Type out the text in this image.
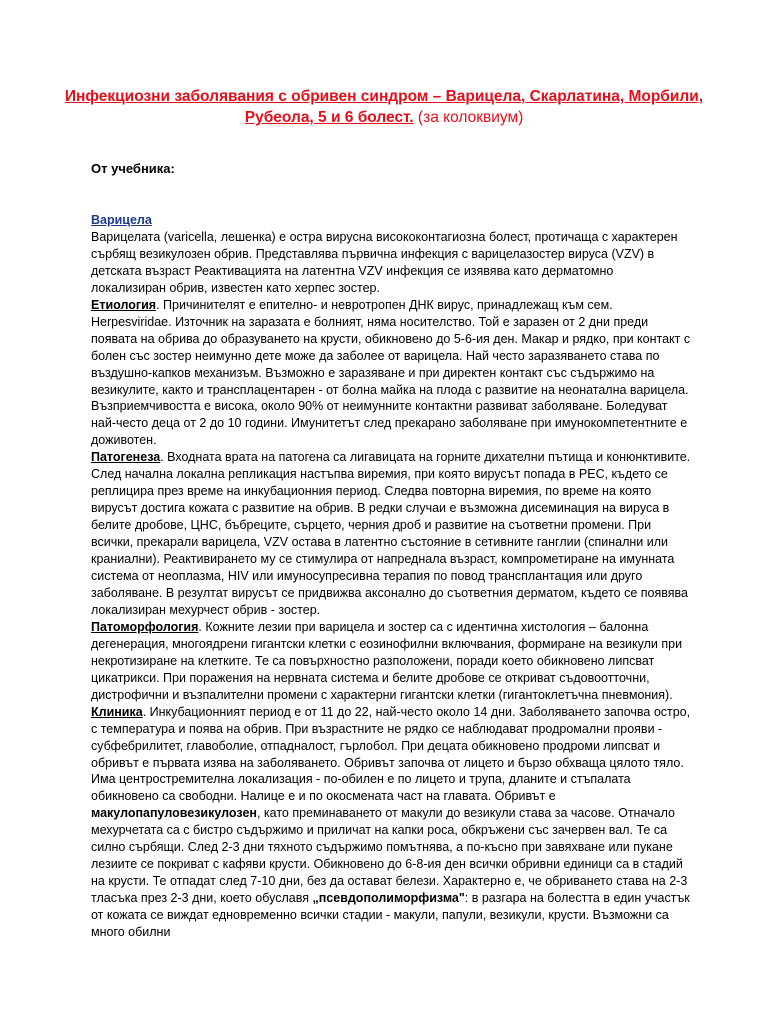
Инфекциозни заболявания с обривен синдром – Варицела, Скарлатина, Морбили, Рубеола, 5 и 6 болест. (за колоквиум)
От учебника:

Варицела

Варицелата (varicella, лешенка) е остра вирусна висококонтагиозна болест, протичаща с характерен сърбящ везикулозен обрив. Представлява първична инфекция с варицелазостер вируса (VZV) в детската възраст Реактивацията на латентна VZV инфекция се изявява като дерматомно локализиран обрив, известен като херпес зостер.

Етиология. Причинителят е епително- и невротропен ДНК вирус, принадлежащ към сем. Herpesviridae. Източник на заразата е болният, няма носителство. Той е заразен от 2 дни преди появата на обрива до образуването на крусти, обикновено до 5-6-ия ден. Макар и рядко, при контакт с болен със зостер неимунно дете може да заболее от варицела. Най често заразяването става по въздушно-капков механизъм. Възможно е заразяване и при директен контакт със съдържимо на везикулите, както и трансплацентарен - от болна майка на плода с развитие на неонатална варицела. Възприемчивостта е висока, около 90% от неимунните контактни развиват заболяване. Боледуват най-често деца от 2 до 10 години. Имунитетът след прекарано заболяване при имунокомпетентните е доживотен.

Патогенеза. Входната врата на патогена са лигавицата на горните дихателни пътища и конюнктивите. След начална локална репликация настъпва виремия, при която вирусът попада в РЕС, където се реплицира през време на инкубационния период. Следва повторна виремия, по време на която вирусът достига кожата с развитие на обрив. В редки случаи е възможна дисеминация на вируса в белите дробове, ЦНС, бъбреците, сърцето, черния дроб и развитие на съответни промени. При всички, прекарали варицела, VZV остава в латентно състояние в сетивните ганглии (спинални или краниални). Реактивирането му се стимулира от напреднала възраст, компрометиране на имунната система от неоплазма, HIV или имуносупресивна терапия по повод трансплантация или друго заболяване. В резултат вирусът се придвижва аксонално до съответния дерматом, където се появява локализиран мехурчест обрив - зостер.

Патоморфология. Кожните лезии при варицела и зостер са с идентична хистология – балонна дегенерация, многоядрени гигантски клетки с еозинофилни включвания, формиране на везикули при некротизиране на клетките. Те са повърхностно разположени, поради което обикновено липсват цикатрикси. При поражения на нервната система и белите дробове се откриват съдовоотточни, дистрофични и възпалителни промени с характерни гигантски клетки (гигантоклетъчна пневмония).

Клиника. Инкубационният период е от 11 до 22, най-често около 14 дни. Заболяването започва остро, с температура и поява на обрив. При възрастните не рядко се наблюдават продромални прояви - субфебрилитет, главоболие, отпадналост, гърлобол. При децата обикновено продроми липсват и обривът е първата изява на заболяването. Обривът започва от лицето и бързо обхваща цялото тяло. Има центростремителна локализация - по-обилен е по лицето и трупа, дланите и стъпалата обикновено са свободни. Налице е и по окосмената част на главата. Обривът е макулопапуловезикулозен, като преминаването от макули до везикули става за часове. Отначало мехурчетата са с бистро съдържимо и приличат на капки роса, обкръжени със зачервен вал. Те са силно сърбящи. След 2-3 дни тяхното съдържимо помътнява, а по-късно при завяхване или пукане лезиите се покриват с кафяви крусти. Обикновено до 6-8-ия ден всички обривни единици са в стадий на крусти. Те отпадат след 7-10 дни, без да остават белези. Характерно е, че обриването става на 2-3 тласъка през 2-3 дни, което обуславя „псевдополиморфизма": в разгара на болестта в един участък от кожата се виждат едновременно всички стадии - макули, папули, везикули, крусти. Възможни са много обилни
